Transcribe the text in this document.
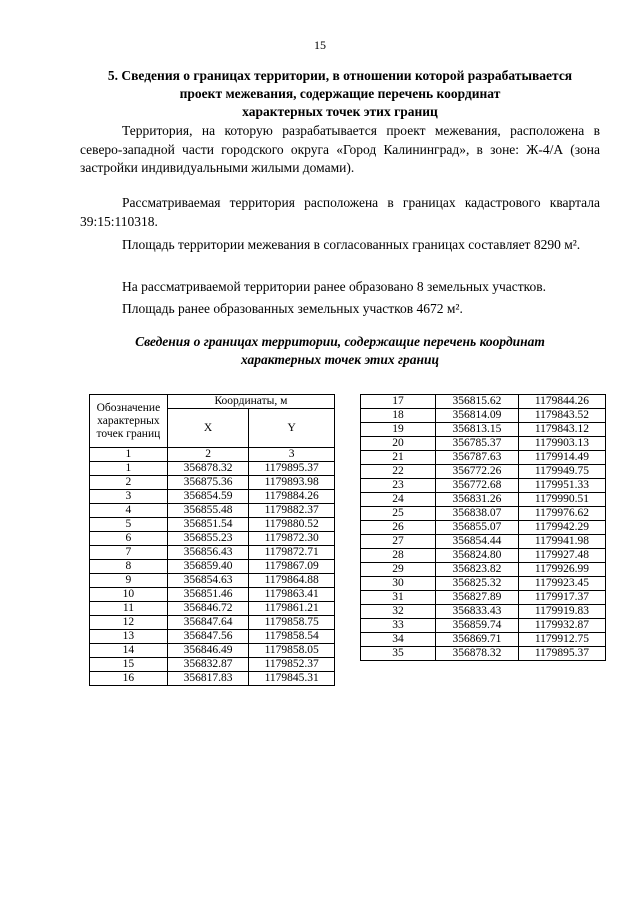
15
5. Сведения о границах территории, в отношении которой разрабатывается
проект межевания, содержащие перечень координат
характерных точек этих границ
Территория, на которую разрабатывается проект межевания, расположена в северо-западной части городского округа «Город Калининград», в зоне: Ж-4/А (зона застройки индивидуальными жилыми домами).
Рассматриваемая территория расположена в границах кадастрового квартала 39:15:110318.
Площадь территории межевания в согласованных границах составляет 8290 м².
На рассматриваемой территории ранее образовано 8 земельных участков.
Площадь ранее образованных земельных участков 4672 м².
Сведения о границах территории, содержащие перечень координат
характерных точек этих границ
Обозначение характерных точек границ	Координаты, м	
	X	Y
1	2	3
1	356878.32	1179895.37
2	356875.36	1179893.98
3	356854.59	1179884.26
4	356855.48	1179882.37
5	356851.54	1179880.52
6	356855.23	1179872.30
7	356856.43	1179872.71
8	356859.40	1179867.09
9	356854.63	1179864.88
10	356851.46	1179863.41
11	356846.72	1179861.21
12	356847.64	1179858.75
13	356847.56	1179858.54
14	356846.49	1179858.05
15	356832.87	1179852.37
16	356817.83	1179845.31
17	356815.62	1179844.26
18	356814.09	1179843.52
19	356813.15	1179843.12
20	356785.37	1179903.13
21	356787.63	1179914.49
22	356772.26	1179949.75
23	356772.68	1179951.33
24	356831.26	1179990.51
25	356838.07	1179976.62
26	356855.07	1179942.29
27	356854.44	1179941.98
28	356824.80	1179927.48
29	356823.82	1179926.99
30	356825.32	1179923.45
31	356827.89	1179917.37
32	356833.43	1179919.83
33	356859.74	1179932.87
34	356869.71	1179912.75
35	356878.32	1179895.37
